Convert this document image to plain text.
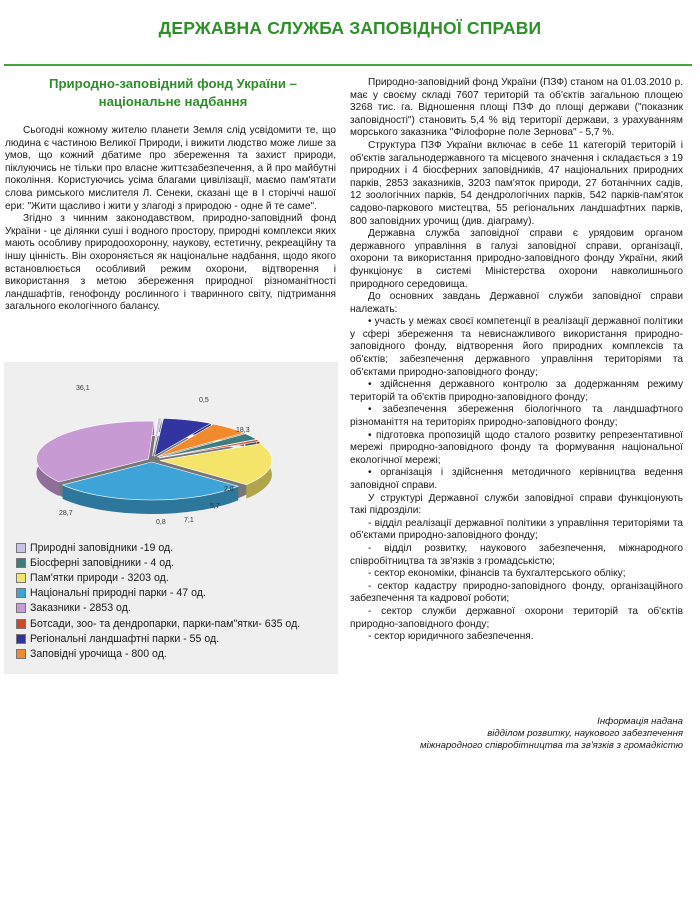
ДЕРЖАВНА СЛУЖБА ЗАПОВІДНОЇ СПРАВИ
Природно-заповідний фонд України – національне надбання

Сьогодні кожному жителю планети Земля слід усвідомити те, що людина є частиною Великої Природи, і вижити людство може лише за умов, що кожний дбатиме про збереження та захист природи, піклуючись не тільки про власне життєзабезпечення, а й про майбутні покоління. Користуючись усіма благами цивілізації, маємо пам'ятати слова римського мислителя Л. Сенеки, сказані ще в I сторіччі нашої ери: "Жити щасливо і жити у злагоді з природою - одне й те саме".

Згідно з чинним законодавством, природно-заповідний фонд України - це ділянки суші і водного простору, природні комплекси яких мають особливу природоохоронну, наукову, естетичну, рекреаційну та іншу цінність. Він охороняється як національне надбання, щодо якого встановлюється особливий режим охорони, відтворення і використання з метою збереження природної різноманітності ландшафтів, генофонду рослинного і тваринного світу, підтримання загального екологічного балансу.

36,1
0,5
18,3
2,8
5,7
7,1
0,8
28,7
Природні заповідники -19 од.
Біосферні заповідники - 4 од.
Пам'ятки природи - 3203 од.
Національні природні парки - 47 од.
Заказники - 2853 од.
Ботсади, зоо- та дендропарки, парки-пам"ятки- 635 од.
Регіональні ландшафтні парки - 55 од.
Заповідні урочища - 800 од.

Природно-заповідний фонд України (ПЗФ) станом на 01.03.2010 р. має у своєму складі 7607 територій та об'єктів загальною площею 3268 тис. га. Відношення площі ПЗФ до площі держави ("показник заповідності") становить 5,4 % від території держави, з урахуванням морського заказника "Філофорне поле Зернова" - 5,7 %.

Структура ПЗФ України включає в себе 11 категорій територій і об'єктів загальнодержавного та місцевого значення і складається з 19 природних і 4 біосферних заповідників, 47 національних природних парків, 2853 заказників, 3203 пам'яток природи, 27 ботанічних садів, 12 зоологічних парків, 54 дендрологічних парків, 542 парків-пам'яток садово-паркового мистецтва, 55 регіональних ландшафтних парків, 800 заповідних урочищ (див. діаграму).

Державна служба заповідної справи є урядовим органом державного управління в галузі заповідної справи, організації, охорони та використання природно-заповідного фонду України, який функціонує в системі Міністерства охорони навколишнього природного середовища.

До основних завдань Державної служби заповідної справи належать:

• участь у межах своєї компетенції в реалізації державної політики у сфері збереження та невиснажливого використання природно-заповідного фонду, відтворення його природних комплексів та об'єктів; забезпечення державного управління територіями та об'єктами природно-заповідного фонду;
• здійснення державного контролю за додержанням режиму територій та об'єктів природно-заповідного фонду;
• забезпечення збереження біологічного та ландшафтного різноманіття на територіях природно-заповідного фонду;
• підготовка пропозицій щодо сталого розвитку репрезентативної мережі природно-заповідного фонду та формування національної екологічної мережі;
• організація і здійснення методичного керівництва ведення заповідної справи.

У структурі Державної служби заповідної справи функціонують такі підрозділи:

- відділ реалізації державної політики з управління територіями та об'єктами природно-заповідного фонду;
- відділ розвитку, наукового забезпечення, міжнародного співробітництва та зв'язків з громадськістю;
- сектор економіки, фінансів та бухгалтерського обліку;
- сектор кадастру природно-заповідного фонду, організаційного забезпечення та кадрової роботи;
- сектор служби державної охорони територій та об'єктів природно-заповідного фонду;
- сектор юридичного забезпечення.
Інформація надана
відділом розвитку, наукового забезпечення
міжнародного співробітництва та зв'язків з громадкістю
